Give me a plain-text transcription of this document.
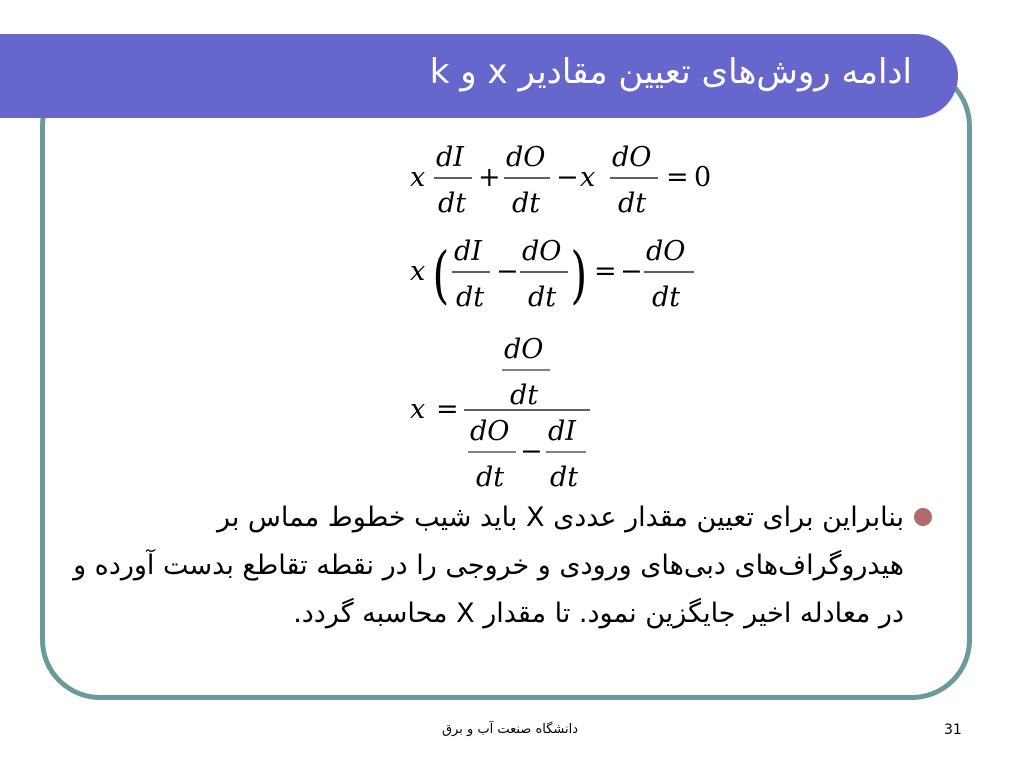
ادامه روش‌های تعیین مقادیر x و k
x
dI
dt
+
dO
dt
− x
dO
dt
= 0
x ( dI
dt
−
dO
dt ) = −
dO
dt
x =
dO
dt
dO
dt
−
dI
dt
بنابراین برای تعیین مقدار عددی X باید شیب خطوط مماس بر هیدروگراف‌های دبی‌های ورودی و خروجی را در نقطه تقاطع بدست آورده و در معادله اخیر جایگزین نمود. تا مقدار X محاسبه گردد.
دانشگاه صنعت آب و برق	31
